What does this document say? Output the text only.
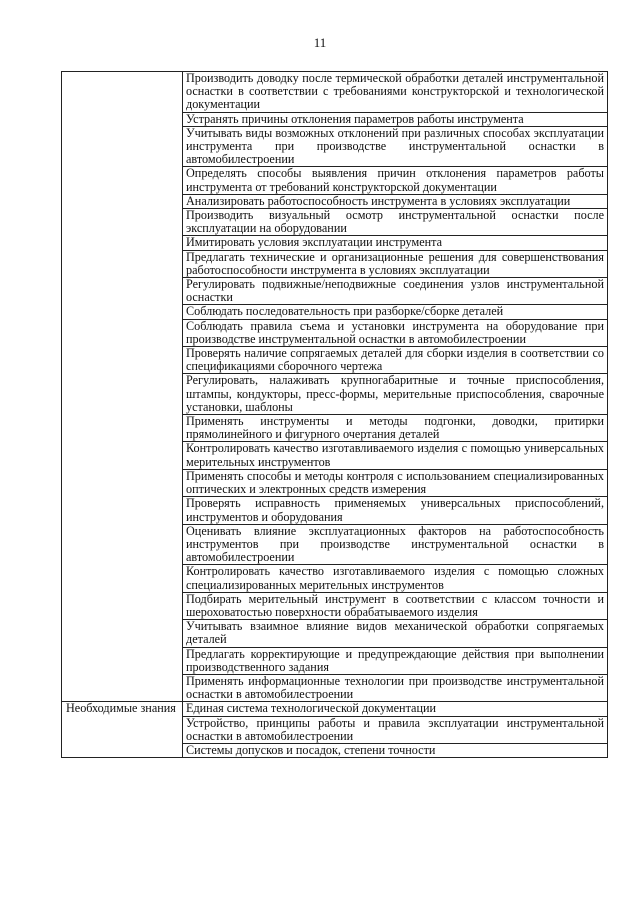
11
	Производить доводку после термической обработки деталей инструментальной оснастки в соответствии с требованиями конструкторской и технологической документации
	Устранять причины отклонения параметров работы инструмента
	Учитывать виды возможных отклонений при различных способах эксплуатации инструмента при производстве инструментальной оснастки в автомобилестроении
	Определять способы выявления причин отклонения параметров работы инструмента от требований конструкторской документации
	Анализировать работоспособность инструмента в условиях эксплуатации
	Производить визуальный осмотр инструментальной оснастки после эксплуатации на оборудовании
	Имитировать условия эксплуатации инструмента
	Предлагать технические и организационные решения для совершенствования работоспособности инструмента в условиях эксплуатации
	Регулировать подвижные/неподвижные соединения узлов инструментальной оснастки
	Соблюдать последовательность при разборке/сборке деталей
	Соблюдать правила съема и установки инструмента на оборудование при производстве инструментальной оснастки в автомобилестроении
	Проверять наличие сопрягаемых деталей для сборки изделия в соответствии со спецификациями сборочного чертежа
	Регулировать, налаживать крупногабаритные и точные приспособления, штампы, кондукторы, пресс-формы, мерительные приспособления, сварочные установки, шаблоны
	Применять инструменты и методы подгонки, доводки, притирки прямолинейного и фигурного очертания деталей
	Контролировать качество изготавливаемого изделия с помощью универсальных мерительных инструментов
	Применять способы и методы контроля с использованием специализированных оптических и электронных средств измерения
	Проверять исправность применяемых универсальных приспособлений, инструментов и оборудования
	Оценивать влияние эксплуатационных факторов на работоспособность инструментов при производстве инструментальной оснастки в автомобилестроении
	Контролировать качество изготавливаемого изделия с помощью сложных специализированных мерительных инструментов
	Подбирать мерительный инструмент в соответствии с классом точности и шероховатостью поверхности обрабатываемого изделия
	Учитывать взаимное влияние видов механической обработки сопрягаемых деталей
	Предлагать корректирующие и предупреждающие действия при выполнении производственного задания
	Применять информационные технологии при производстве инструментальной оснастки в автомобилестроении
Необходимые знания	Единая система технологической документации
	Устройство, принципы работы и правила эксплуатации инструментальной оснастки в автомобилестроении
	Системы допусков и посадок, степени точности
